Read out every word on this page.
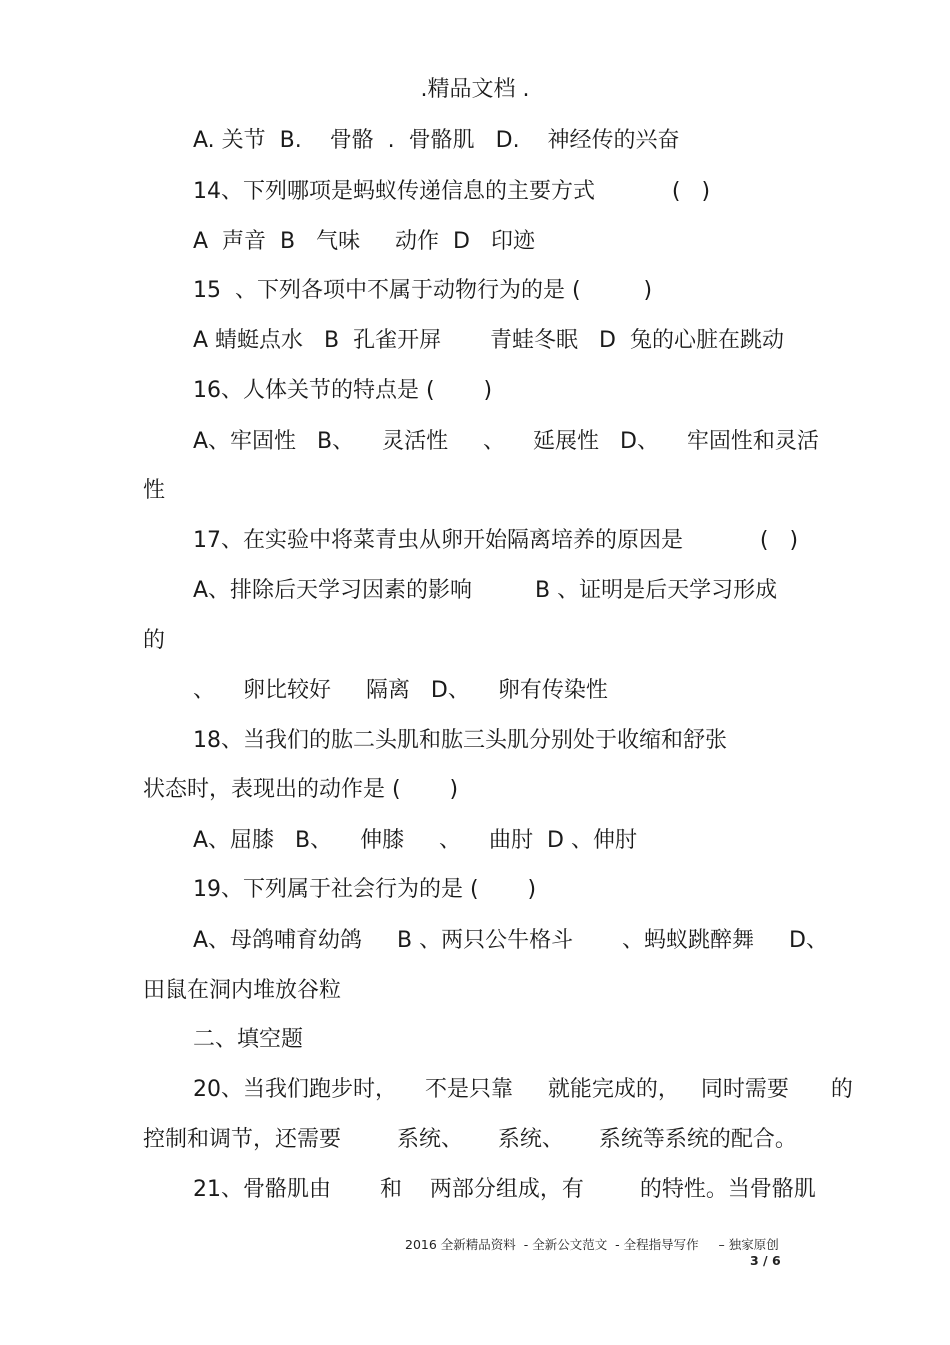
.精品文档 .
A. 关节  B.    骨骼  .  骨骼肌   D.    神经传的兴奋
14、下列哪项是蚂蚁传递信息的主要方式           (   )
A  声音  B   气味     动作  D   印迹
15  、下列各项中不属于动物行为的是 (         )
A 蜻蜓点水   B  孔雀开屏       青蛙冬眠   D  兔的心脏在跳动
16、人体关节的特点是 (       )
A、牢固性   B、    灵活性     、    延展性   D、    牢固性和灵活
性
17、在实验中将菜青虫从卵开始隔离培养的原因是           (   )
A、排除后天学习因素的影响         B 、证明是后天学习形成
的
、    卵比较好     隔离   D、    卵有传染性
18、当我们的肱二头肌和肱三头肌分别处于收缩和舒张
状态时，表现出的动作是 (       )
A、屈膝   B、    伸膝     、    曲肘  D 、伸肘
19、下列属于社会行为的是 (       )
A、母鸽哺育幼鸽     B 、两只公牛格斗       、蚂蚁跳醉舞     D、
田鼠在洞内堆放谷粒
二、填空题
20、当我们跑步时，    不是只靠     就能完成的，   同时需要      的
控制和调节，还需要        系统、     系统、     系统等系统的配合。
21、骨骼肌由       和    两部分组成，有        的特性。当骨骼肌
2016 全新精品资料  - 全新公文范文  - 全程指导写作     – 独家原创
3 / 6
